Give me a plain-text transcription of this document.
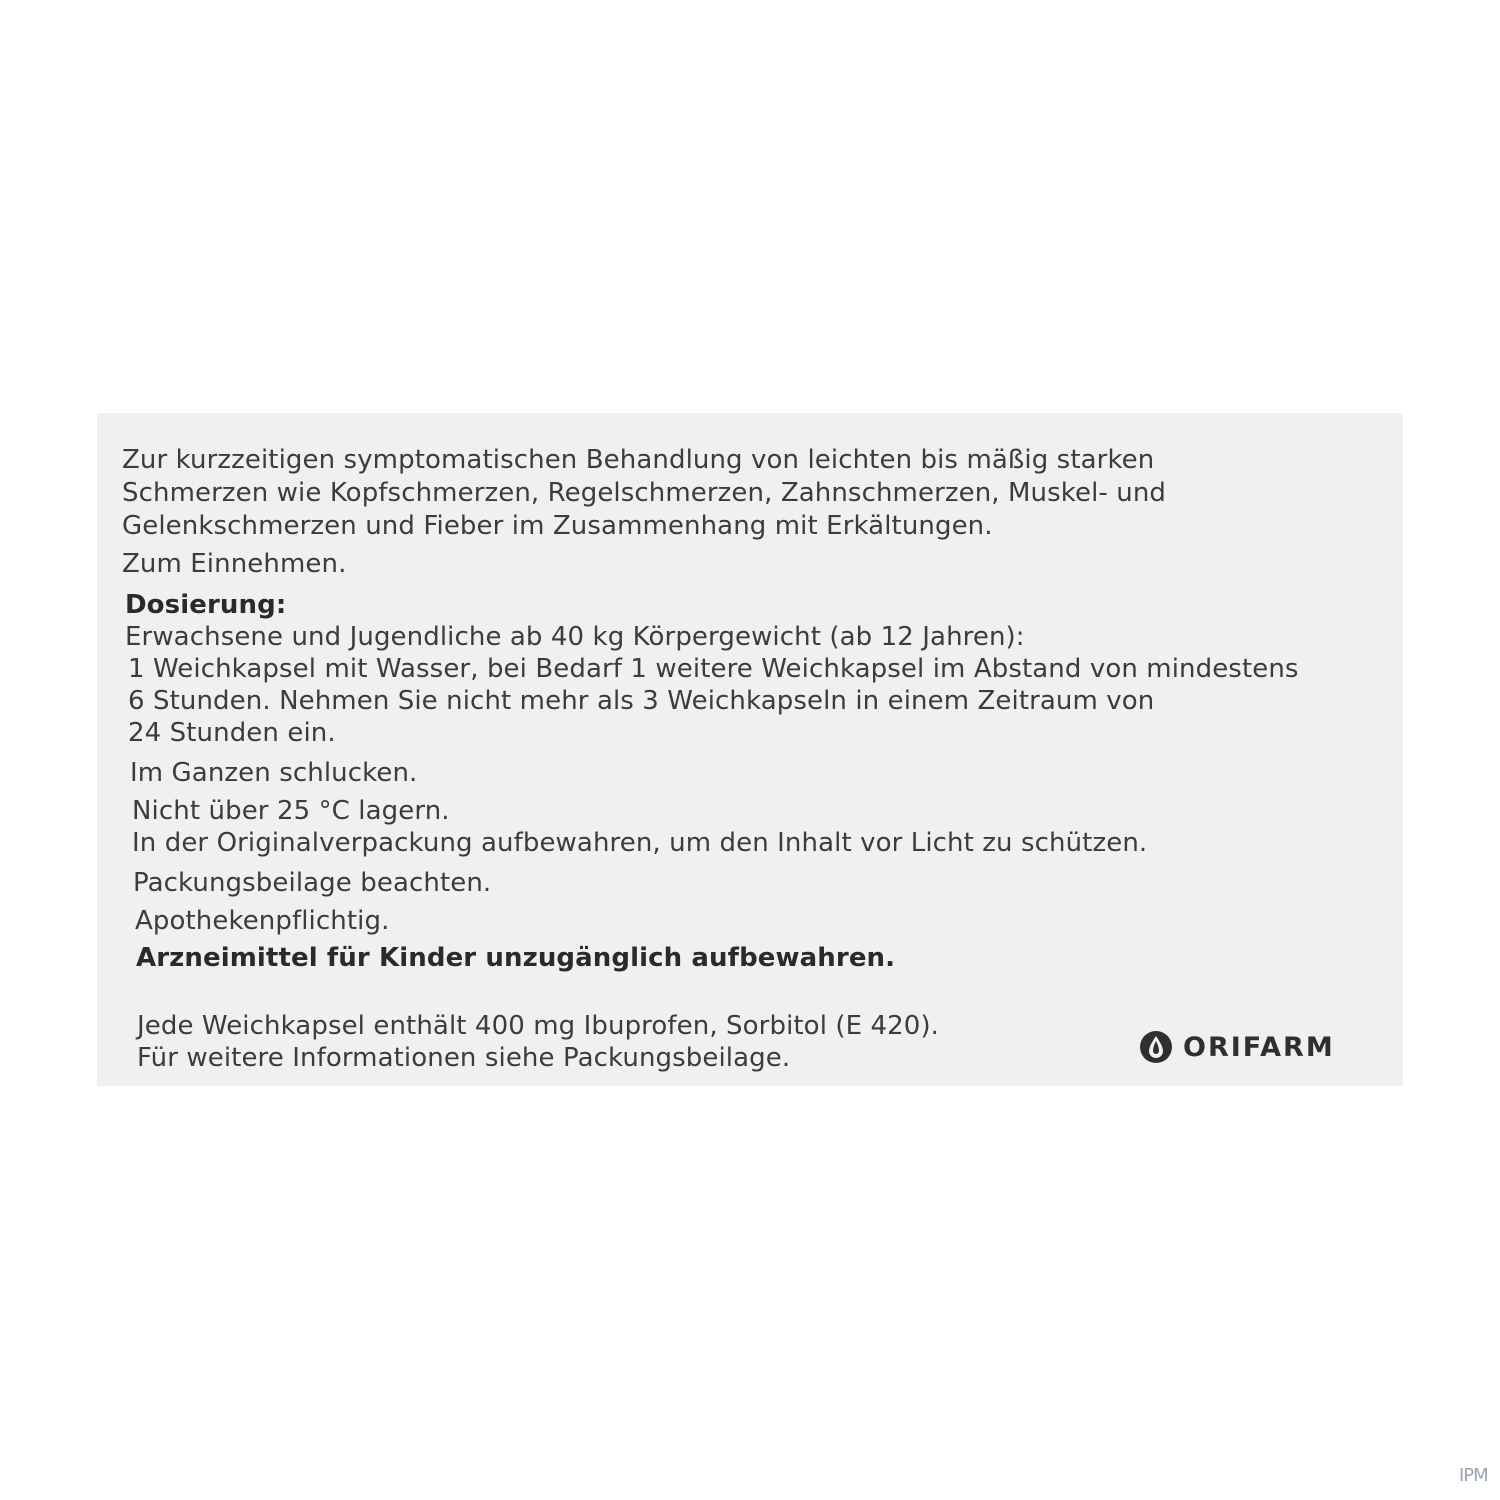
Zur kurzzeitigen symptomatischen Behandlung von leichten bis mäßig starken
Schmerzen wie Kopfschmerzen, Regelschmerzen, Zahnschmerzen, Muskel- und
Gelenkschmerzen und Fieber im Zusammenhang mit Erkältungen.
Zum Einnehmen.
Dosierung:
Erwachsene und Jugendliche ab 40 kg Körpergewicht (ab 12 Jahren):
1 Weichkapsel mit Wasser, bei Bedarf 1 weitere Weichkapsel im Abstand von mindestens
6 Stunden. Nehmen Sie nicht mehr als 3 Weichkapseln in einem Zeitraum von
24 Stunden ein.
Im Ganzen schlucken.
Nicht über 25 °C lagern.
In der Originalverpackung aufbewahren, um den Inhalt vor Licht zu schützen.
Packungsbeilage beachten.
Apothekenpflichtig.
Arzneimittel für Kinder unzugänglich aufbewahren.
Jede Weichkapsel enthält 400 mg Ibuprofen, Sorbitol (E 420).
Für weitere Informationen siehe Packungsbeilage.	ORIFARM
IPM
